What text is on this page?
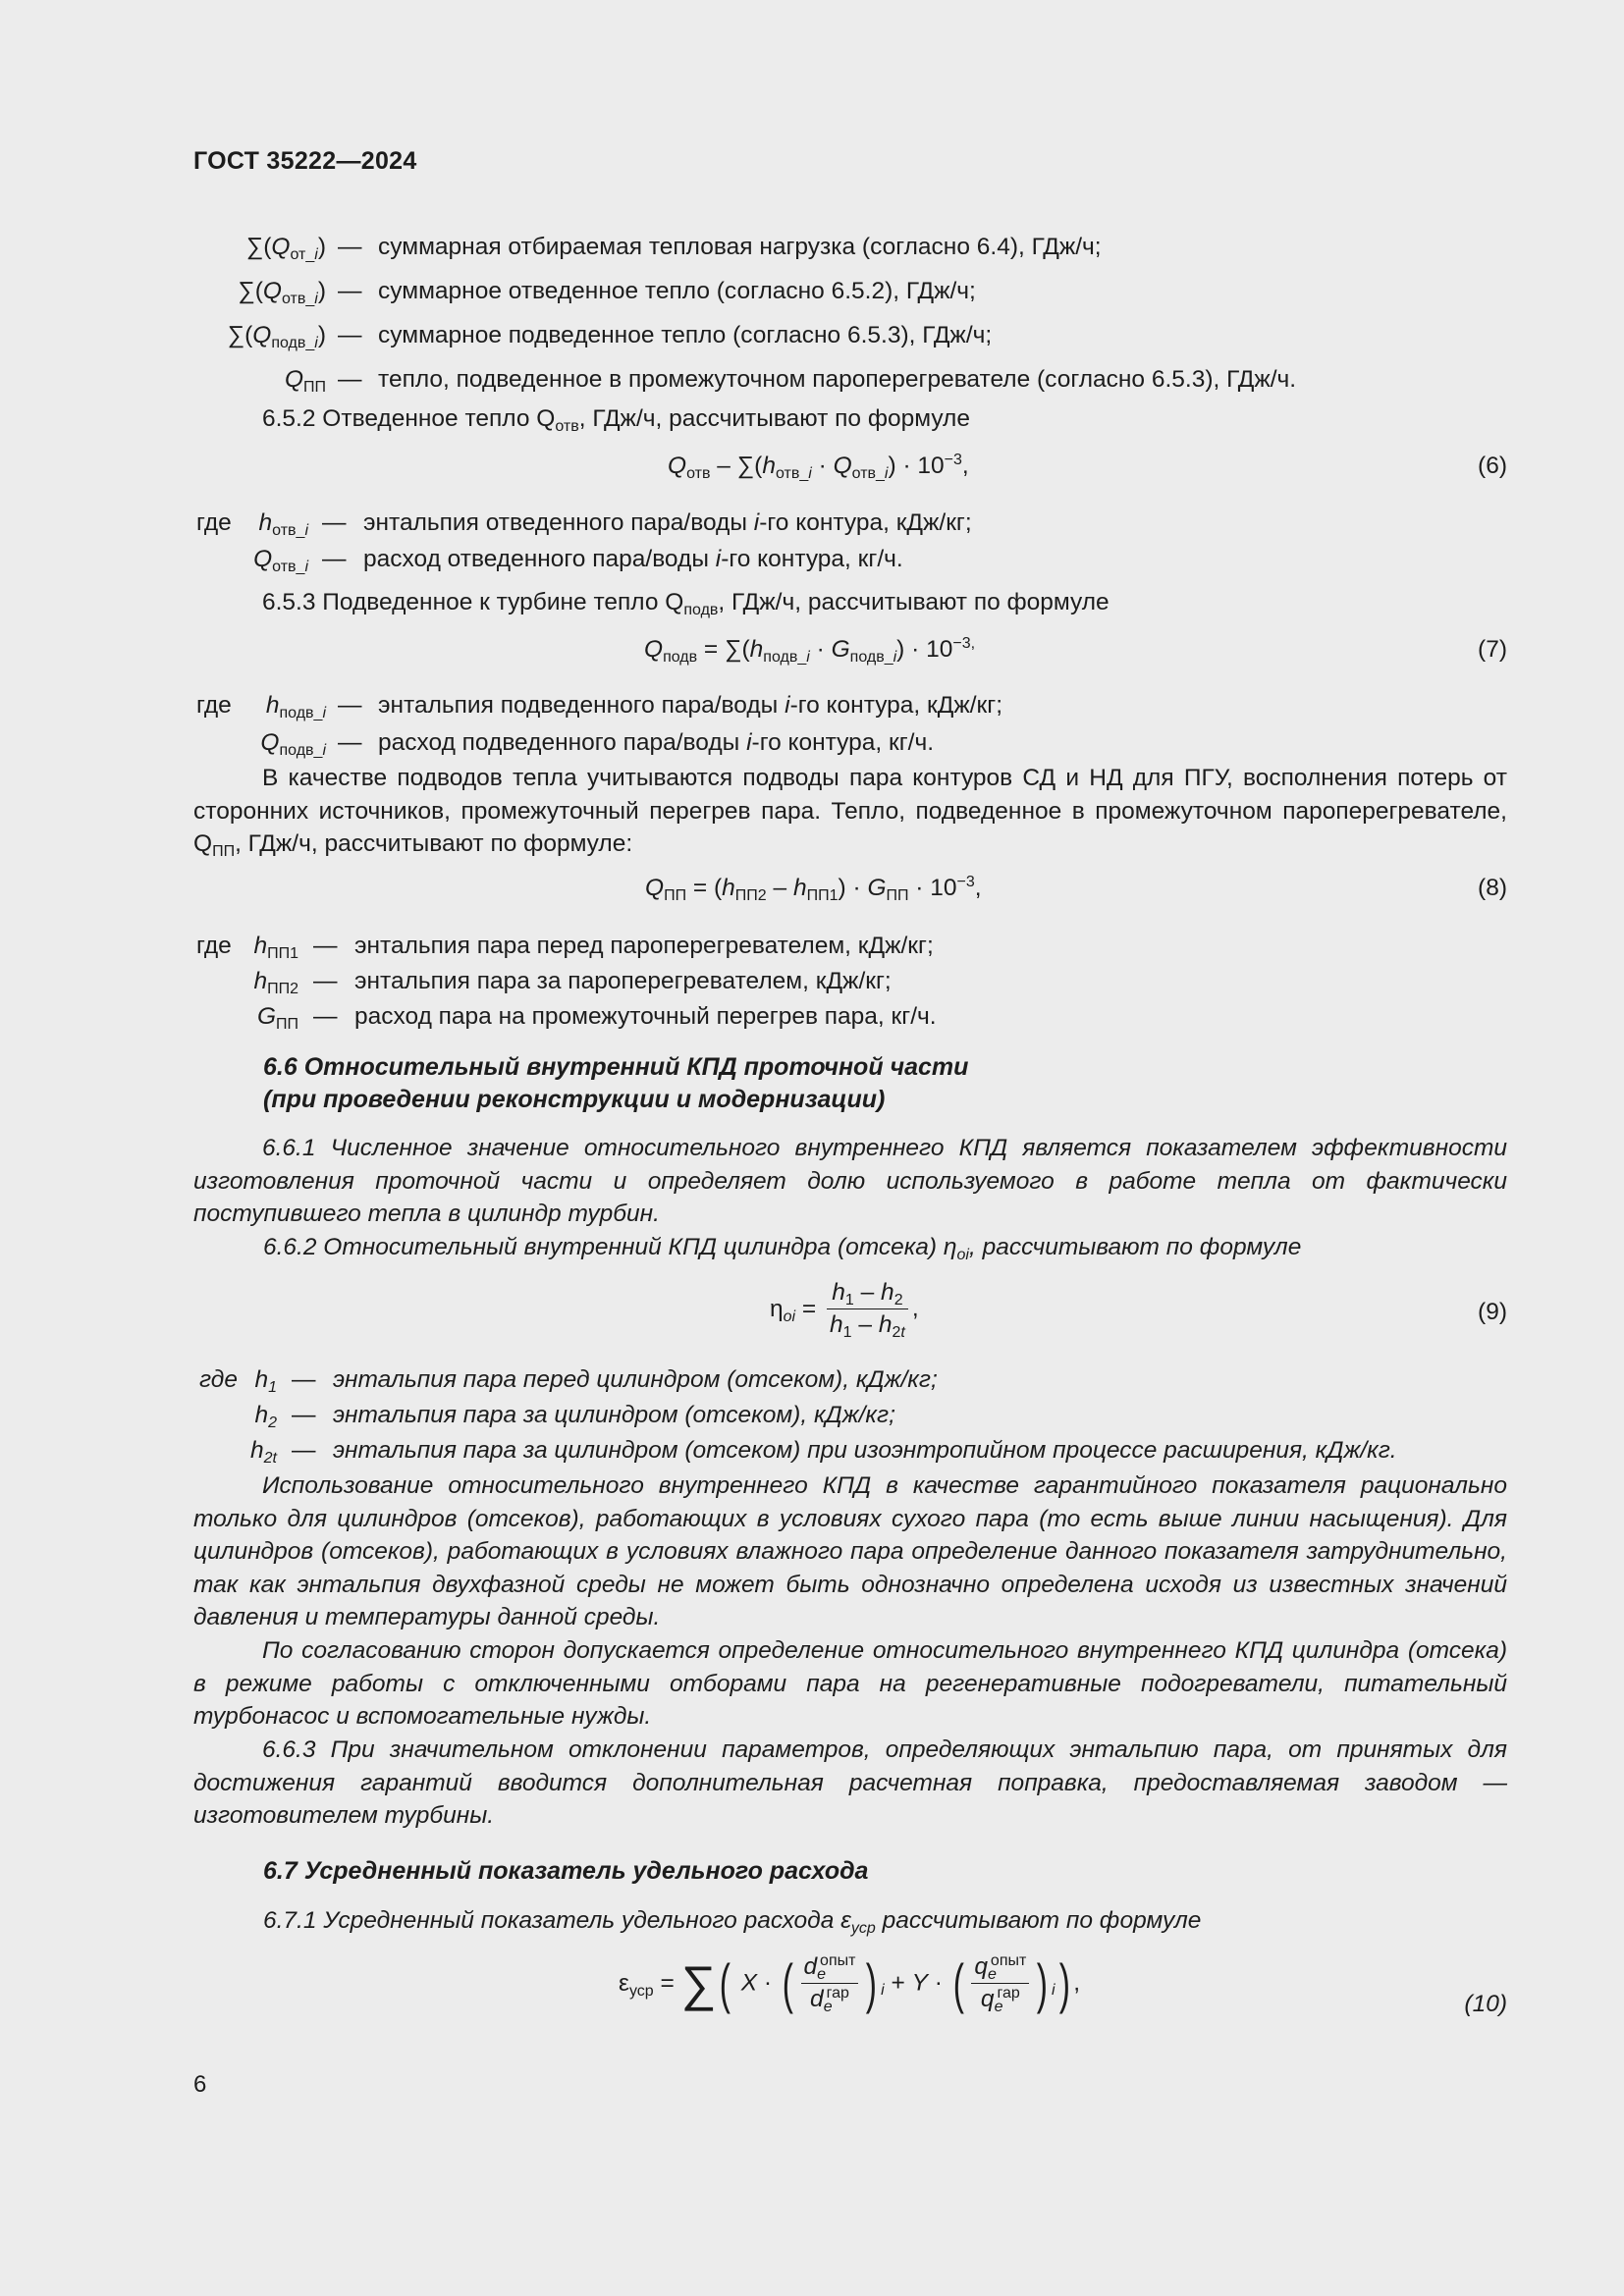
ГОСТ 35222—2024
$\sum(Q_{от\_i})$ — суммарная отбираемая тепловая нагрузка (согласно 6.4), ГДж/ч;
$\sum(Q_{отв\_i})$ — суммарное отведенное тепло (согласно 6.5.2), ГДж/ч;
$\sum(Q_{подв\_i})$ — суммарное подведенное тепло (согласно 6.5.3), ГДж/ч;
$Q_{ПП}$ — тепло, подведенное в промежуточном пароперегревателе (согласно 6.5.3), ГДж/ч.
6.5.2 Отведенное тепло $Q_{отв}$, ГДж/ч, рассчитывают по формуле
$Q_{отв} - \sum(h_{отв\_i} \cdot Q_{отв\_i}) \cdot 10^{-3}$,	(6)
где $h_{отв\_i}$ — энтальпия отведенного пара/воды i-го контура, кДж/кг;
$Q_{отв\_i}$ — расход отведенного пара/воды i-го контура, кг/ч.
6.5.3 Подведенное к турбине тепло $Q_{подв}$, ГДж/ч, рассчитывают по формуле
$Q_{подв} = \sum(h_{подв\_i} \cdot G_{подв\_i}) \cdot 10^{-3,}$	(7)
где $h_{подв\_i}$ — энтальпия подведенного пара/воды i-го контура, кДж/кг;
$Q_{подв\_i}$ — расход подведенного пара/воды i-го контура, кг/ч.
В качестве подводов тепла учитываются подводы пара контуров СД и НД для ПГУ, восполнения потерь от сторонних источников, промежуточный перегрев пара. Тепло, подведенное в промежуточном пароперегревателе, $Q_{ПП}$, ГДж/ч, рассчитывают по формуле:
$Q_{ПП} = (h_{ПП2} - h_{ПП1}) \cdot G_{ПП} \cdot 10^{-3}$,	(8)
где $h_{ПП1}$ — энтальпия пара перед пароперегревателем, кДж/кг;
$h_{ПП2}$ — энтальпия пара за пароперегревателем, кДж/кг;
$G_{ПП}$ — расход пара на промежуточный перегрев пара, кг/ч.
6.6 Относительный внутренний КПД проточной части
(при проведении реконструкции и модернизации)
6.6.1 Численное значение относительного внутреннего КПД является показателем эффективности изготовления проточной части и определяет долю используемого в работе тепла от фактически поступившего тепла в цилиндр турбин.
6.6.2 Относительный внутренний КПД цилиндра (отсека) $\eta_{oi}$, рассчитывают по формуле
$\eta_{oi} = \frac{h_1 - h_2}{h_1 - h_{2t}}$ ,	(9)
где $h_1$ — энтальпия пара перед цилиндром (отсеком), кДж/кг;
$h_2$ — энтальпия пара за цилиндром (отсеком), кДж/кг;
$h_{2t}$ — энтальпия пара за цилиндром (отсеком) при изоэнтропийном процессе расширения, кДж/кг.
Использование относительного внутреннего КПД в качестве гарантийного показателя рационально только для цилиндров (отсеков), работающих в условиях сухого пара (то есть выше линии насыщения). Для цилиндров (отсеков), работающих в условиях влажного пара определение данного показателя затруднительно, так как энтальпия двухфазной среды не может быть однозначно определена исходя из известных значений давления и температуры данной среды.
По согласованию сторон допускается определение относительного внутреннего КПД цилиндра (отсека) в режиме работы с отключенными отборами пара на регенеративные подогреватели, питательный турбонасос и вспомогательные нужды.
6.6.3 При значительном отклонении параметров, определяющих энтальпию пара, от принятых для достижения гарантий вводится дополнительная расчетная поправка, предоставляемая заводом — изготовителем турбины.
6.7 Усредненный показатель удельного расхода
6.7.1 Усредненный показатель удельного расхода $\varepsilon_{уср}$ рассчитывают по формуле
$\varepsilon_{уср}$ = ∑( X · ( $\frac{d_e^{опыт}}{d_e^{гар}}$ ) $_i$ + Y · ( $\frac{q_e^{опыт}}{q_e^{гар}}$ ) $_i$) ,
(10)
6
